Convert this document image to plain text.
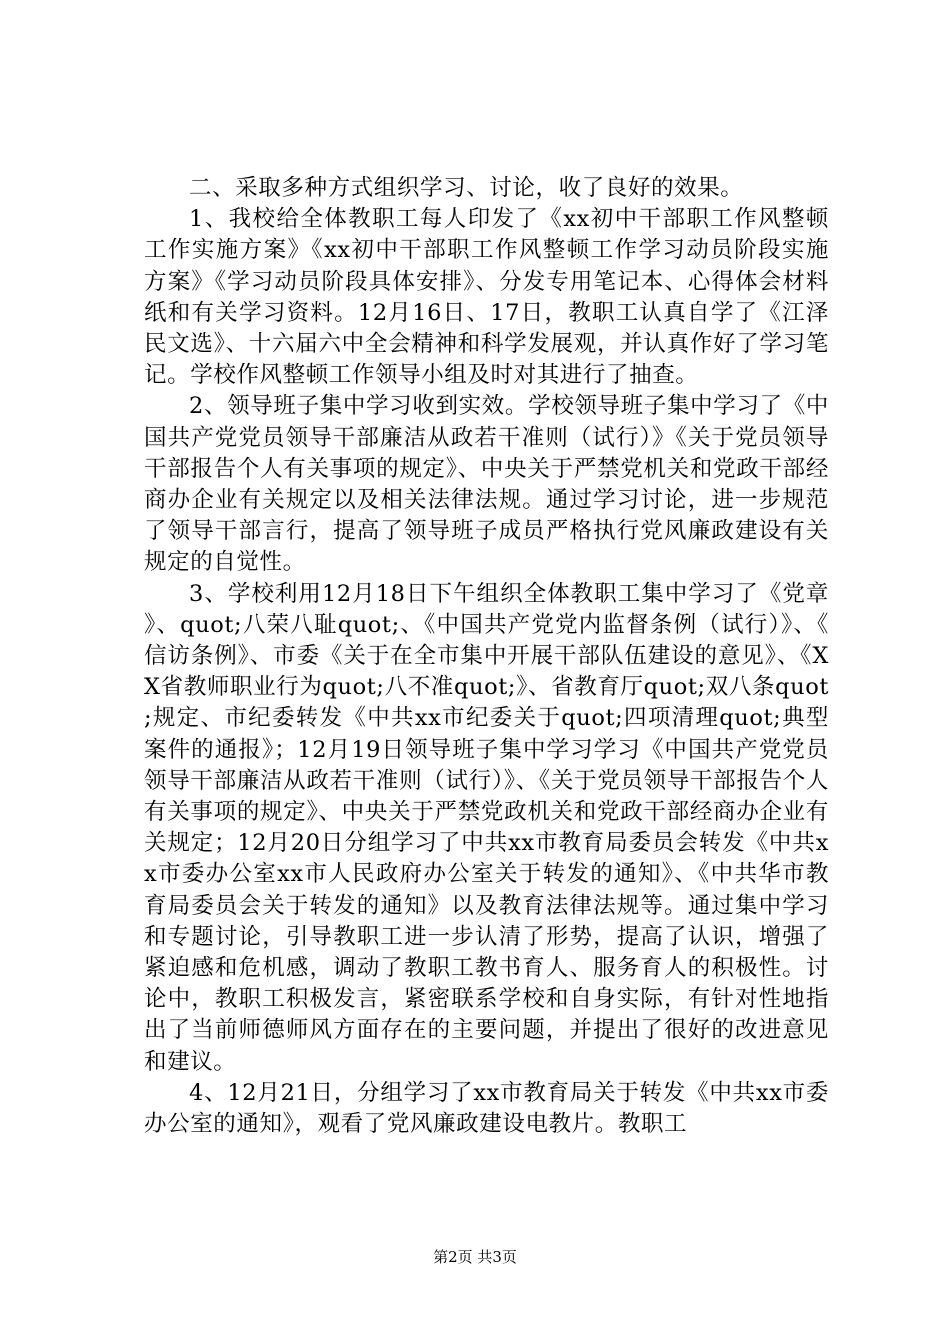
二、采取多种方式组织学习、讨论，收了良好的效果。

1、我校给全体教职工每人印发了《xx初中干部职工作风整顿工作实施方案》《xx初中干部职工作风整顿工作学习动员阶段实施方案》《学习动员阶段具体安排》、分发专用笔记本、心得体会材料纸和有关学习资料。12月16日、17日，教职工认真自学了《江泽民文选》、十六届六中全会精神和科学发展观，并认真作好了学习笔记。学校作风整顿工作领导小组及时对其进行了抽查。

2、领导班子集中学习收到实效。学校领导班子集中学习了《中国共产党党员领导干部廉洁从政若干准则（试行）》《关于党员领导干部报告个人有关事项的规定》、中央关于严禁党机关和党政干部经商办企业有关规定以及相关法律法规。通过学习讨论，进一步规范了领导干部言行，提高了领导班子成员严格执行党风廉政建设有关规定的自觉性。

3、学校利用12月18日下午组织全体教职工集中学习了《党章》、quot;八荣八耻quot;、《中国共产党党内监督条例（试行）》、《信访条例》、市委《关于在全市集中开展干部队伍建设的意见》、《XX省教师职业行为quot;八不准quot;》、省教育厅quot;双八条quot;规定、市纪委转发《中共xx市纪委关于quot;四项清理quot;典型案件的通报》；12月19日领导班子集中学习学习《中国共产党党员领导干部廉洁从政若干准则（试行）》、《关于党员领导干部报告个人有关事项的规定》、中央关于严禁党政机关和党政干部经商办企业有关规定；12月20日分组学习了中共xx市教育局委员会转发《中共xx市委办公室xx市人民政府办公室关于转发的通知》、《中共华市教育局委员会关于转发的通知》以及教育法律法规等。通过集中学习和专题讨论，引导教职工进一步认清了形势，提高了认识，增强了紧迫感和危机感，调动了教职工教书育人、服务育人的积极性。讨论中，教职工积极发言，紧密联系学校和自身实际，有针对性地指出了当前师德师风方面存在的主要问题，并提出了很好的改进意见和建议。

4、12月21日，分组学习了xx市教育局关于转发《中共xx市委办公室的通知》，观看了党风廉政建设电教片。教职工

第2页 共3页
